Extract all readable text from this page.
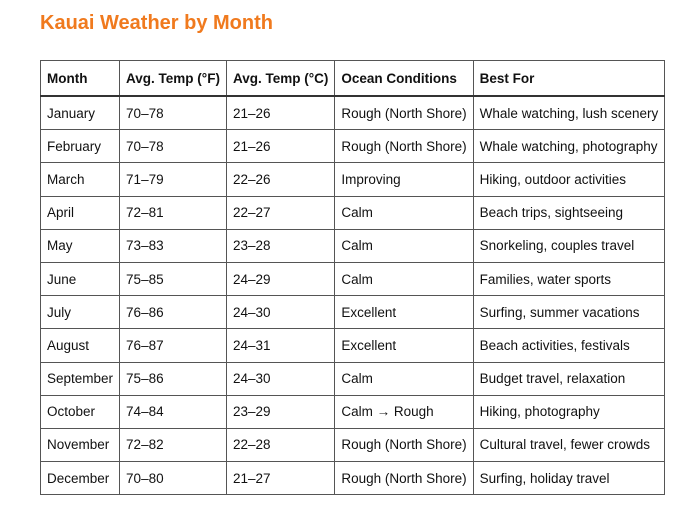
Kauai Weather by Month
Month	Avg. Temp (°F)	Avg. Temp (°C)	Ocean Conditions	Best For
January	70–78	21–26	Rough (North Shore)	Whale watching, lush scenery
February	70–78	21–26	Rough (North Shore)	Whale watching, photography
March	71–79	22–26	Improving	Hiking, outdoor activities
April	72–81	22–27	Calm	Beach trips, sightseeing
May	73–83	23–28	Calm	Snorkeling, couples travel
June	75–85	24–29	Calm	Families, water sports
July	76–86	24–30	Excellent	Surfing, summer vacations
August	76–87	24–31	Excellent	Beach activities, festivals
September	75–86	24–30	Calm	Budget travel, relaxation
October	74–84	23–29	Calm → Rough	Hiking, photography
November	72–82	22–28	Rough (North Shore)	Cultural travel, fewer crowds
December	70–80	21–27	Rough (North Shore)	Surfing, holiday travel
